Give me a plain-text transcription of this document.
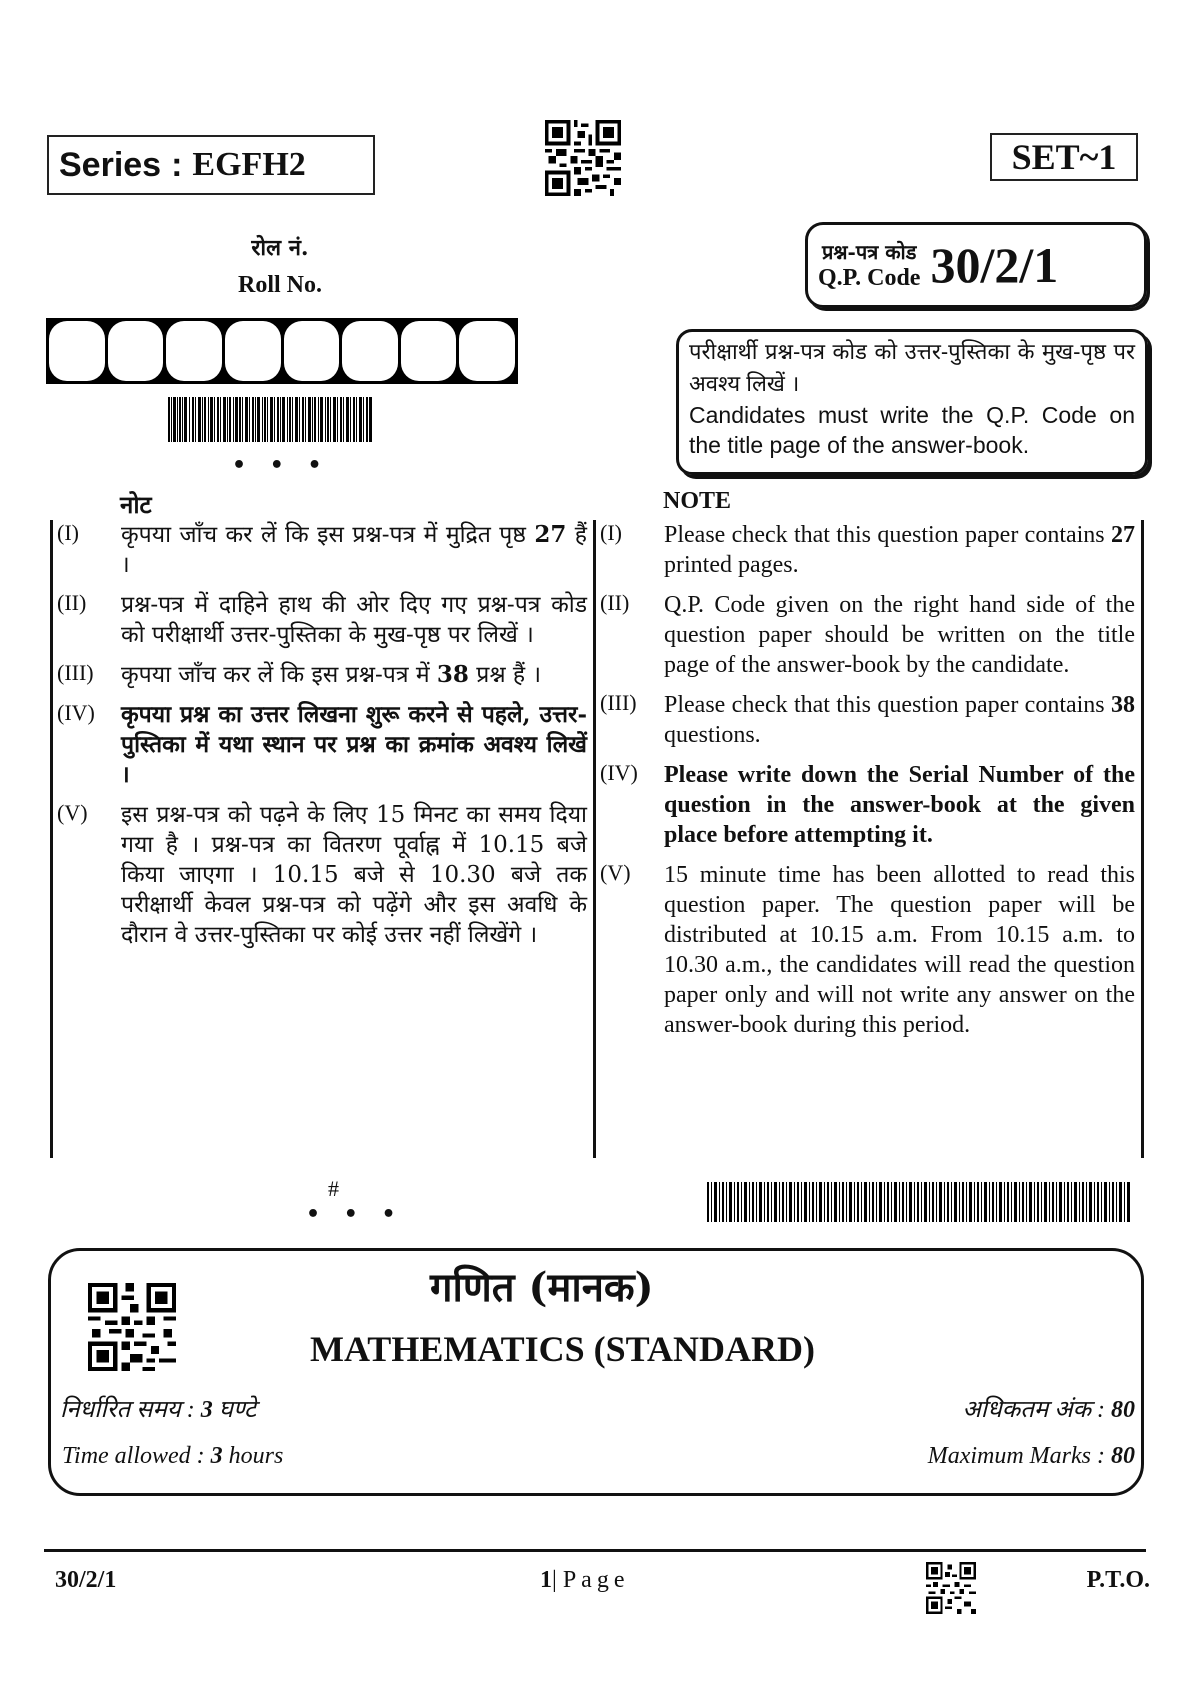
Series : EGFH2	SET~1
रोल नं.
Roll No.
• • •
प्रश्न-पत्र कोड
Q.P. Code 30/2/1
परीक्षार्थी प्रश्न-पत्र कोड को उत्तर-पुस्तिका के मुख-पृष्ठ पर अवश्य लिखें ।
Candidates must write the Q.P. Code on the title page of the answer-book.
नोट	NOTE
(I)	कृपया जाँच कर लें कि इस प्रश्न-पत्र में मुद्रित पृष्ठ 27 हैं ।
(II)	प्रश्न-पत्र में दाहिने हाथ की ओर दिए गए प्रश्न-पत्र कोड को परीक्षार्थी उत्तर-पुस्तिका के मुख-पृष्ठ पर लिखें ।
(III)	कृपया जाँच कर लें कि इस प्रश्न-पत्र में 38 प्रश्न हैं ।
(IV)	कृपया प्रश्न का उत्तर लिखना शुरू करने से पहले, उत्तर-पुस्तिका में यथा स्थान पर प्रश्न का क्रमांक अवश्य लिखें ।
(V)	इस प्रश्न-पत्र को पढ़ने के लिए 15 मिनट का समय दिया गया है । प्रश्न-पत्र का वितरण पूर्वाह्न में 10.15 बजे किया जाएगा । 10.15 बजे से 10.30 बजे तक परीक्षार्थी केवल प्रश्न-पत्र को पढ़ेंगे और इस अवधि के दौरान वे उत्तर-पुस्तिका पर कोई उत्तर नहीं लिखेंगे ।
(I)	Please check that this question paper contains 27 printed pages.
(II)	Q.P. Code given on the right hand side of the question paper should be written on the title page of the answer-book by the candidate.
(III)	Please check that this question paper contains 38 questions.
(IV)	Please write down the Serial Number of the question in the answer-book at the given place before attempting it.
(V)	15 minute time has been allotted to read this question paper. The question paper will be distributed at 10.15 a.m. From 10.15 a.m. to 10.30 a.m., the candidates will read the question paper only and will not write any answer on the answer-book during this period.
#
• • •
गणित (मानक)
MATHEMATICS (STANDARD)
निर्धारित समय : 3 घण्टे	अधिकतम अंक : 80
Time allowed : 3 hours	Maximum Marks : 80
30/2/1	1| Page	P.T.O.
